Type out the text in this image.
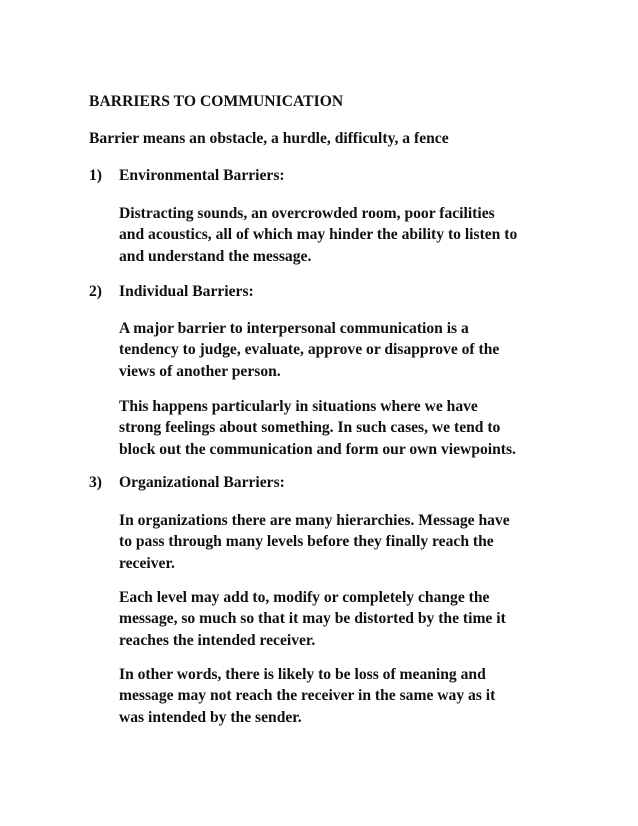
BARRIERS TO COMMUNICATION

Barrier means an obstacle, a hurdle, difficulty, a fence

1) Environmental Barriers:

Distracting sounds, an overcrowded room, poor facilities
and acoustics, all of which may hinder the ability to listen to
and understand the message.

2) Individual Barriers:

A major barrier to interpersonal communication is a
tendency to judge, evaluate, approve or disapprove of the
views of another person.

This happens particularly in situations where we have
strong feelings about something. In such cases, we tend to
block out the communication and form our own viewpoints.

3) Organizational Barriers:

In organizations there are many hierarchies. Message have
to pass through many levels before they finally reach the
receiver.

Each level may add to, modify or completely change the
message, so much so that it may be distorted by the time it
reaches the intended receiver.

In other words, there is likely to be loss of meaning and
message may not reach the receiver in the same way as it
was intended by the sender.
